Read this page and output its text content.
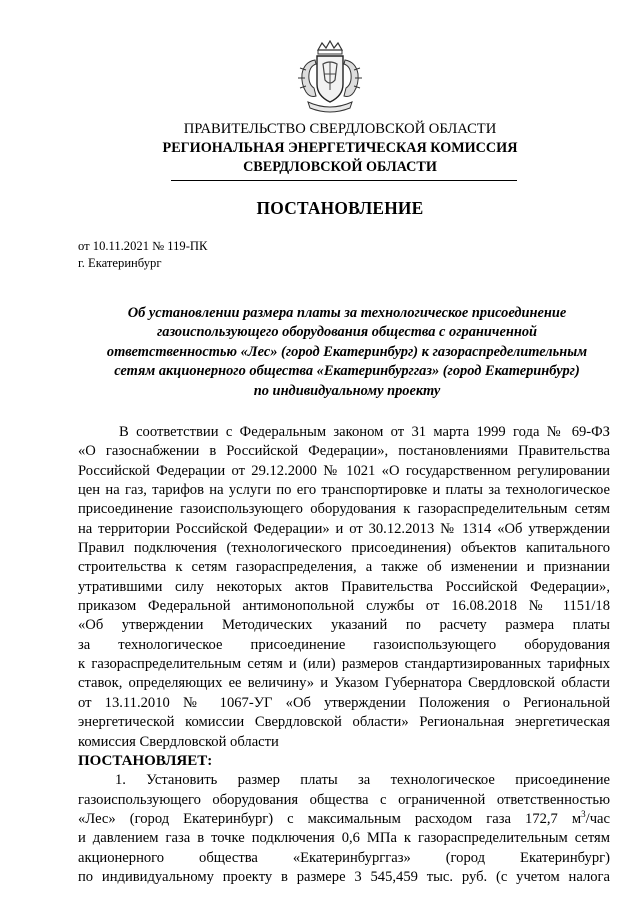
ПРАВИТЕЛЬСТВО СВЕРДЛОВСКОЙ ОБЛАСТИ
РЕГИОНАЛЬНАЯ ЭНЕРГЕТИЧЕСКАЯ КОМИССИЯ
СВЕРДЛОВСКОЙ ОБЛАСТИ
ПОСТАНОВЛЕНИЕ
от 10.11.2021 № 119-ПК
г. Екатеринбург
Об установлении размера платы за технологическое присоединение
газоиспользующего оборудования общества с ограниченной
ответственностью «Лес» (город Екатеринбург) к газораспределительным
сетям акционерного общества «Екатеринбурггаз» (город Екатеринбург)
по индивидуальному проекту
В соответствии с Федеральным законом от 31 марта 1999 года № 69-ФЗ
«О газоснабжении в Российской Федерации», постановлениями Правительства
Российской Федерации от 29.12.2000 № 1021 «О государственном регулировании
цен на газ, тарифов на услуги по его транспортировке и платы за технологическое
присоединение газоиспользующего оборудования к газораспределительным сетям
на территории Российской Федерации» и от 30.12.2013 № 1314 «Об утверждении
Правил подключения (технологического присоединения) объектов капитального
строительства к сетям газораспределения, а также об изменении и признании
утратившими силу некоторых актов Правительства Российской Федерации»,
приказом Федеральной антимонопольной службы от 16.08.2018 № 1151/18
«Об утверждении Методических указаний по расчету размера платы
за технологическое присоединение газоиспользующего оборудования
к газораспределительным сетям и (или) размеров стандартизированных тарифных
ставок, определяющих ее величину» и Указом Губернатора Свердловской области
от 13.11.2010 № 1067-УГ «Об утверждении Положения о Региональной
энергетической комиссии Свердловской области» Региональная энергетическая
комиссия Свердловской области
ПОСТАНОВЛЯЕТ:
1. Установить размер платы за технологическое присоединение
газоиспользующего оборудования общества с ограниченной ответственностью
«Лес» (город Екатеринбург) с максимальным расходом газа 172,7 $м^3$/час
и давлением газа в точке подключения 0,6 МПа к газораспределительным сетям
акционерного общества «Екатеринбурггаз» (город Екатеринбург)
по индивидуальному проекту в размере 3 545,459 тыс. руб. (с учетом налога
